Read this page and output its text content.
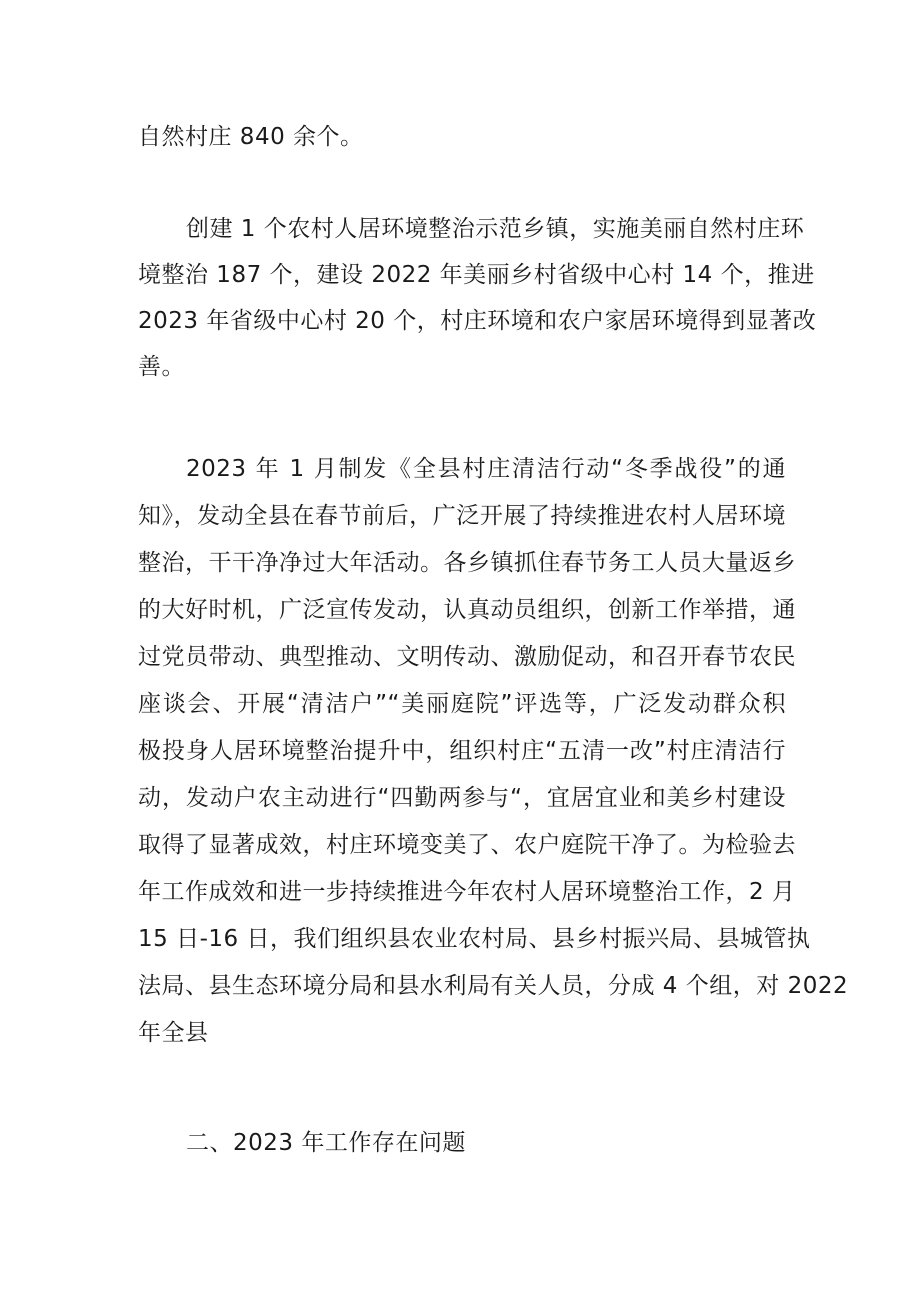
自然村庄 840 余个。
创建 1 个农村人居环境整治示范乡镇，实施美丽自然村庄环
境整治 187 个，建设 2022 年美丽乡村省级中心村 14 个，推进
2023 年省级中心村 20 个，村庄环境和农户家居环境得到显著改
善。
2023 年 1 月制发《全县村庄清洁行动“冬季战役”的通
知》，发动全县在春节前后，广泛开展了持续推进农村人居环境
整治，干干净净过大年活动。各乡镇抓住春节务工人员大量返乡
的大好时机，广泛宣传发动，认真动员组织，创新工作举措，通
过党员带动、典型推动、文明传动、激励促动，和召开春节农民
座谈会、开展“清洁户”“美丽庭院”评选等，广泛发动群众积
极投身人居环境整治提升中，组织村庄“五清一改”村庄清洁行
动，发动户农主动进行“四勤两参与“，宜居宜业和美乡村建设
取得了显著成效，村庄环境变美了、农户庭院干净了。为检验去
年工作成效和进一步持续推进今年农村人居环境整治工作，2 月
15 日-16 日，我们组织县农业农村局、县乡村振兴局、县城管执
法局、县生态环境分局和县水利局有关人员，分成 4 个组，对 2022
年全县
二、2023 年工作存在问题
